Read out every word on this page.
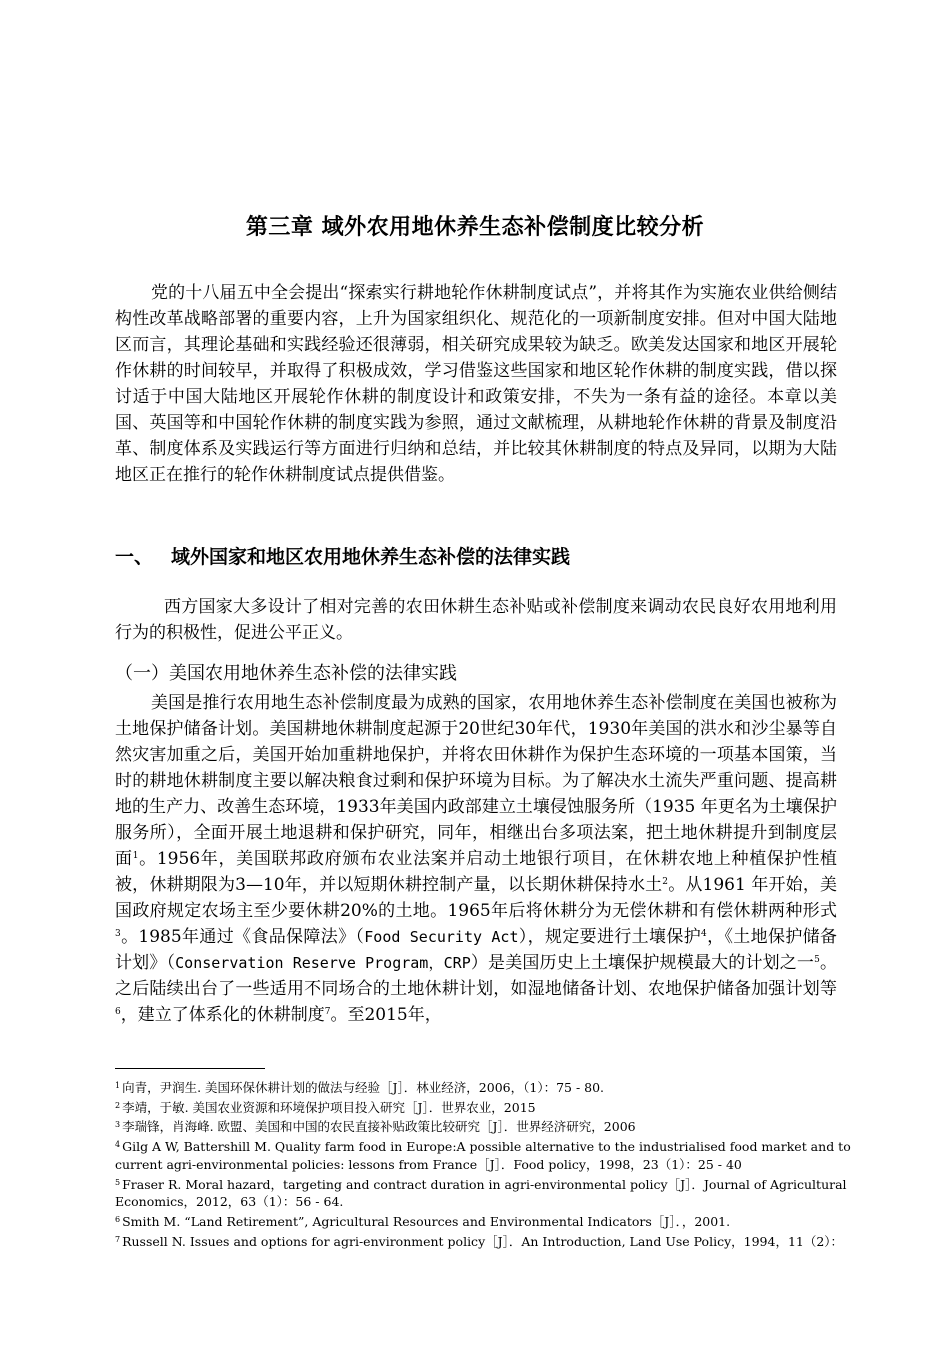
第三章 域外农用地休养生态补偿制度比较分析

党的十八届五中全会提出“探索实行耕地轮作休耕制度试点”，并将其作为实施农业供给侧结构性改革战略部署的重要内容，上升为国家组织化、规范化的一项新制度安排。但对中国大陆地区而言，其理论基础和实践经验还很薄弱，相关研究成果较为缺乏。欧美发达国家和地区开展轮作休耕的时间较早，并取得了积极成效，学习借鉴这些国家和地区轮作休耕的制度实践，借以探讨适于中国大陆地区开展轮作休耕的制度设计和政策安排，不失为一条有益的途径。本章以美国、英国等和中国轮作休耕的制度实践为参照，通过文献梳理，从耕地轮作休耕的背景及制度沿革、制度体系及实践运行等方面进行归纳和总结，并比较其休耕制度的特点及异同，以期为大陆地区正在推行的轮作休耕制度试点提供借鉴。

一、 域外国家和地区农用地休养生态补偿的法律实践

西方国家大多设计了相对完善的农田休耕生态补贴或补偿制度来调动农民良好农用地利用行为的积极性，促进公平正义。

（一）美国农用地休养生态补偿的法律实践

美国是推行农用地生态补偿制度最为成熟的国家，农用地休养生态补偿制度在美国也被称为土地保护储备计划。美国耕地休耕制度起源于20世纪30年代，1930年美国的洪水和沙尘暴等自然灾害加重之后，美国开始加重耕地保护，并将农田休耕作为保护生态环境的一项基本国策，当时的耕地休耕制度主要以解决粮食过剩和保护环境为目标。为了解决水土流失严重问题、提高耕地的生产力、改善生态环境，1933年美国内政部建立土壤侵蚀服务所（1935 年更名为土壤保护服务所），全面开展土地退耕和保护研究，同年，相继出台多项法案，把土地休耕提升到制度层面$^1$。1956年，美国联邦政府颁布农业法案并启动土地银行项目，在休耕农地上种植保护性植被，休耕期限为3—10年，并以短期休耕控制产量，以长期休耕保持水土$^2$。从1961 年开始，美国政府规定农场主至少要休耕20%的土地。1965年后将休耕分为无偿休耕和有偿休耕两种形式$^3$。1985年通过《食品保障法》（Food Security Act），规定要进行土壤保护$^4$，《土地保护储备计划》（Conservation Reserve Program，CRP）是美国历史上土壤保护规模最大的计划之一$^5$。之后陆续出台了一些适用不同场合的土地休耕计划，如湿地储备计划、农地保护储备加强计划等$^6$，建立了体系化的休耕制度$^7$。至2015年，

$^1$ 向青，尹润生. 美国环保休耕计划的做法与经验［J］．林业经济，2006，（1）：75 - 80.

$^2$ 李靖，于敏. 美国农业资源和环境保护项目投入研究［J］．世界农业，2015

$^3$ 李瑞锋，肖海峰. 欧盟、美国和中国的农民直接补贴政策比较研究［J］．世界经济研究，2006

$^4$ Gilg A W, Battershill M. Quality farm food in Europe:A possible alternative to the industrialised food market and to

current agri-environmental policies: lessons from France［J］．Food policy，1998，23（1）：25 - 40

$^5$ Fraser R. Moral hazard，targeting and contract duration in agri-environmental policy［J］．Journal of Agricultural

Economics，2012，63（1）：56 - 64.

$^6$ Smith M. “Land Retirement”, Agricultural Resources and Environmental Indicators［J］．，2001.

$^7$ Russell N. Issues and options for agri-environment policy［J］．An Introduction, Land Use Policy，1994，11（2）：
